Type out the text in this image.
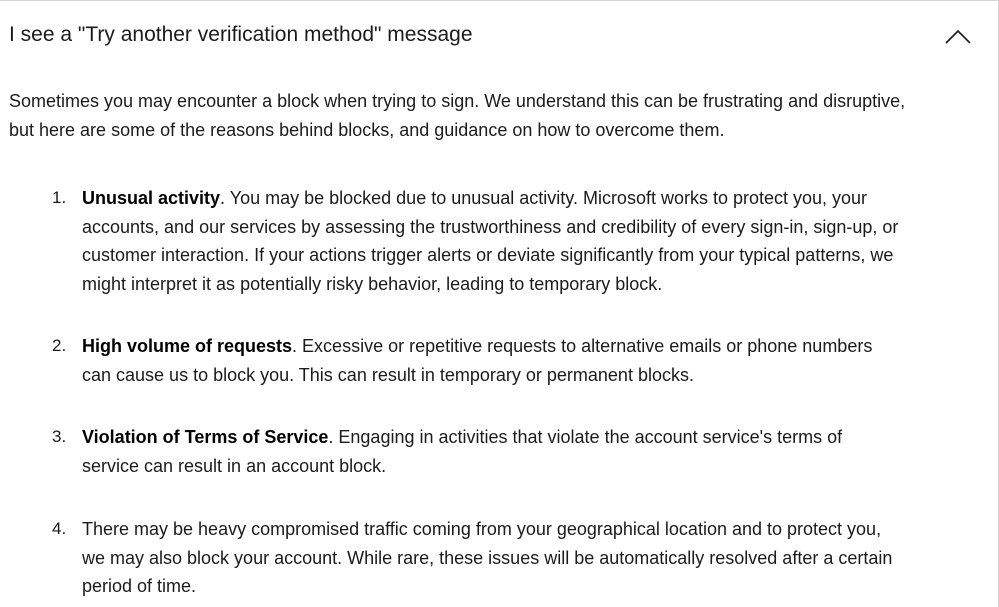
I see a "Try another verification method" message

Sometimes you may encounter a block when trying to sign. We understand this can be frustrating and disruptive, but here are some of the reasons behind blocks, and guidance on how to overcome them.

1. Unusual activity. You may be blocked due to unusual activity. Microsoft works to protect you, your accounts, and our services by assessing the trustworthiness and credibility of every sign-in, sign-up, or customer interaction. If your actions trigger alerts or deviate significantly from your typical patterns, we might interpret it as potentially risky behavior, leading to temporary block.

2. High volume of requests. Excessive or repetitive requests to alternative emails or phone numbers can cause us to block you. This can result in temporary or permanent blocks.

3. Violation of Terms of Service. Engaging in activities that violate the account service's terms of service can result in an account block.

4. There may be heavy compromised traffic coming from your geographical location and to protect you, we may also block your account. While rare, these issues will be automatically resolved after a certain period of time.
